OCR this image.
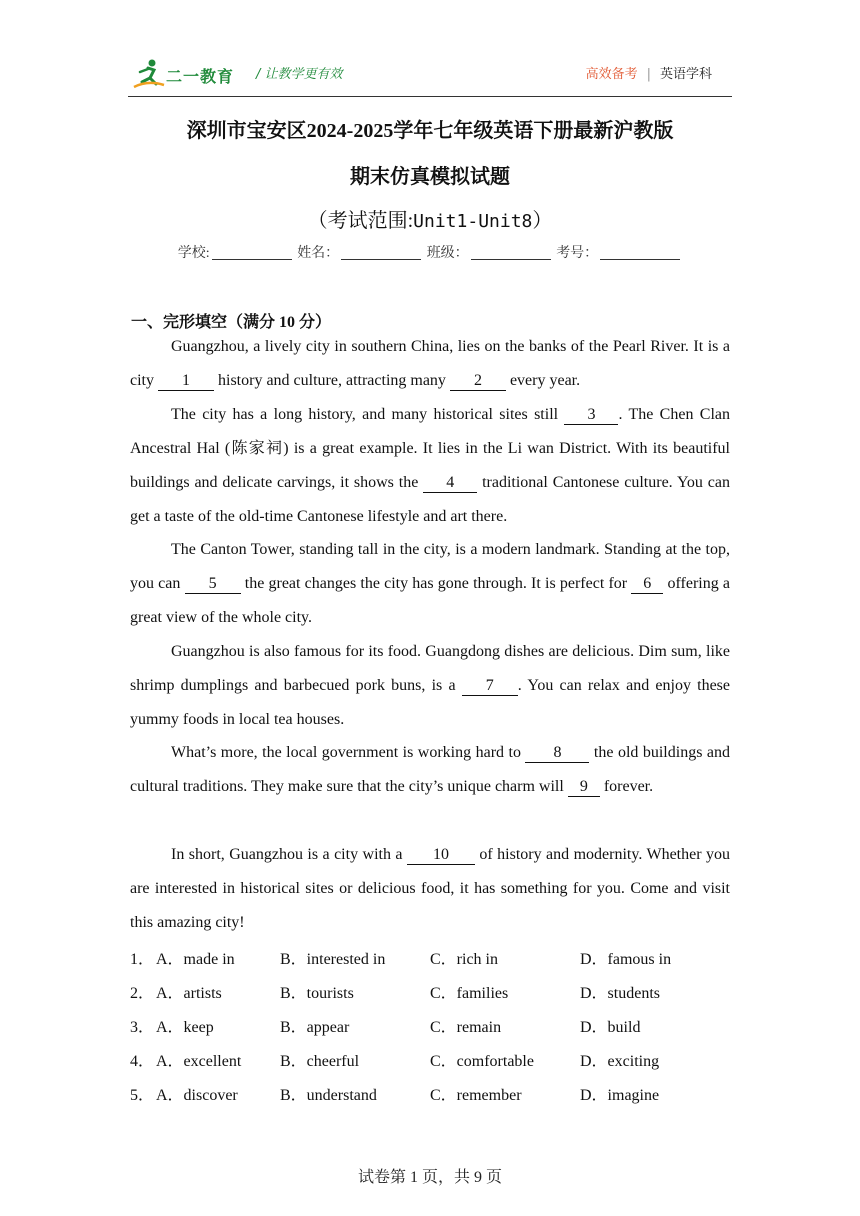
二一教育 / 让教学更有效	高效备考 | 英语学科
深圳市宝安区2024-2025学年七年级英语下册最新沪教版
期末仿真模拟试题
（考试范围:Unit1-Unit8）
学校:	姓名：	班级：	考号：
一、完形填空（满分 10 分）
Guangzhou, a lively city in southern China, lies on the banks of the Pearl River. It is a city 1 history and culture, attracting many 2 every year.
The city has a long history, and many historical sites still 3 . The Chen Clan Ancestral Hal (陈家祠) is a great example. It lies in the Li wan District. With its beautiful buildings and delicate carvings, it shows the 4 traditional Cantonese culture. You can get a taste of the old-time Cantonese lifestyle and art there.
The Canton Tower, standing tall in the city, is a modern landmark. Standing at the top, you can 5 the great changes the city has gone through. It is perfect for 6 offering a great view of the whole city.
Guangzhou is also famous for its food. Guangdong dishes are delicious. Dim sum, like shrimp dumplings and barbecued pork buns, is a 7 . You can relax and enjoy these yummy foods in local tea houses.
What’s more, the local government is working hard to 8 the old buildings and cultural traditions. They make sure that the city’s unique charm will 9 forever.
In short, Guangzhou is a city with a 10 of history and modernity. Whether you are interested in historical sites or delicious food, it has something for you. Come and visit this amazing city!
1． A．made in	B．interested in	C．rich in	D．famous in
2． A．artists	B．tourists	C．families	D．students
3． A．keep	B．appear	C．remain	D．build
4． A．excellent B．cheerful	C．comfortable	D．exciting
5． A．discover	B．understand	C．remember	D．imagine
试卷第 1 页，共 9 页
